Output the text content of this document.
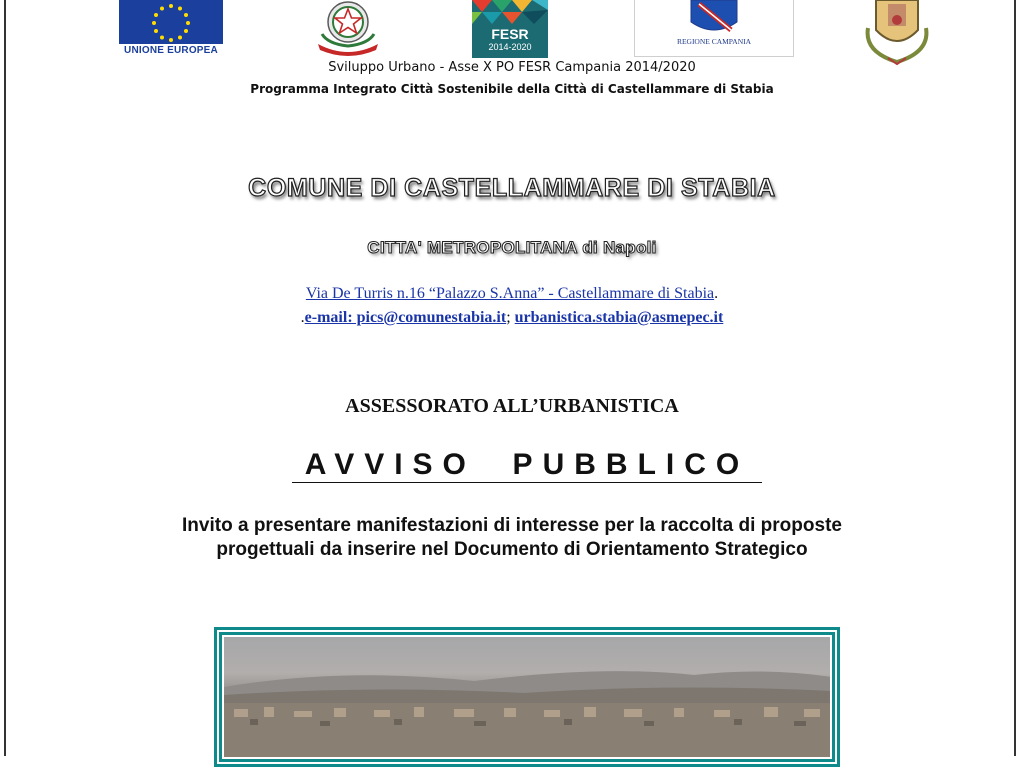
UNIONE EUROPEA
FESR
2014-2020
REGIONE CAMPANIA
Sviluppo Urbano - Asse X PO FESR Campania 2014/2020
Programma Integrato Città Sostenibile della Città di Castellammare di Stabia
COMUNE DI CASTELLAMMARE DI STABIA
CITTA' METROPOLITANA di Napoli
Via De Turris n.16 “Palazzo S.Anna” - Castellammare di Stabia.
.e-mail: pics@comunestabia.it; urbanistica.stabia@asmepec.it
ASSESSORATO ALL’URBANISTICA
AVVISO  PUBBLICO
Invito a presentare manifestazioni di interesse per la raccolta di proposte
progettuali da inserire nel Documento di Orientamento Strategico
